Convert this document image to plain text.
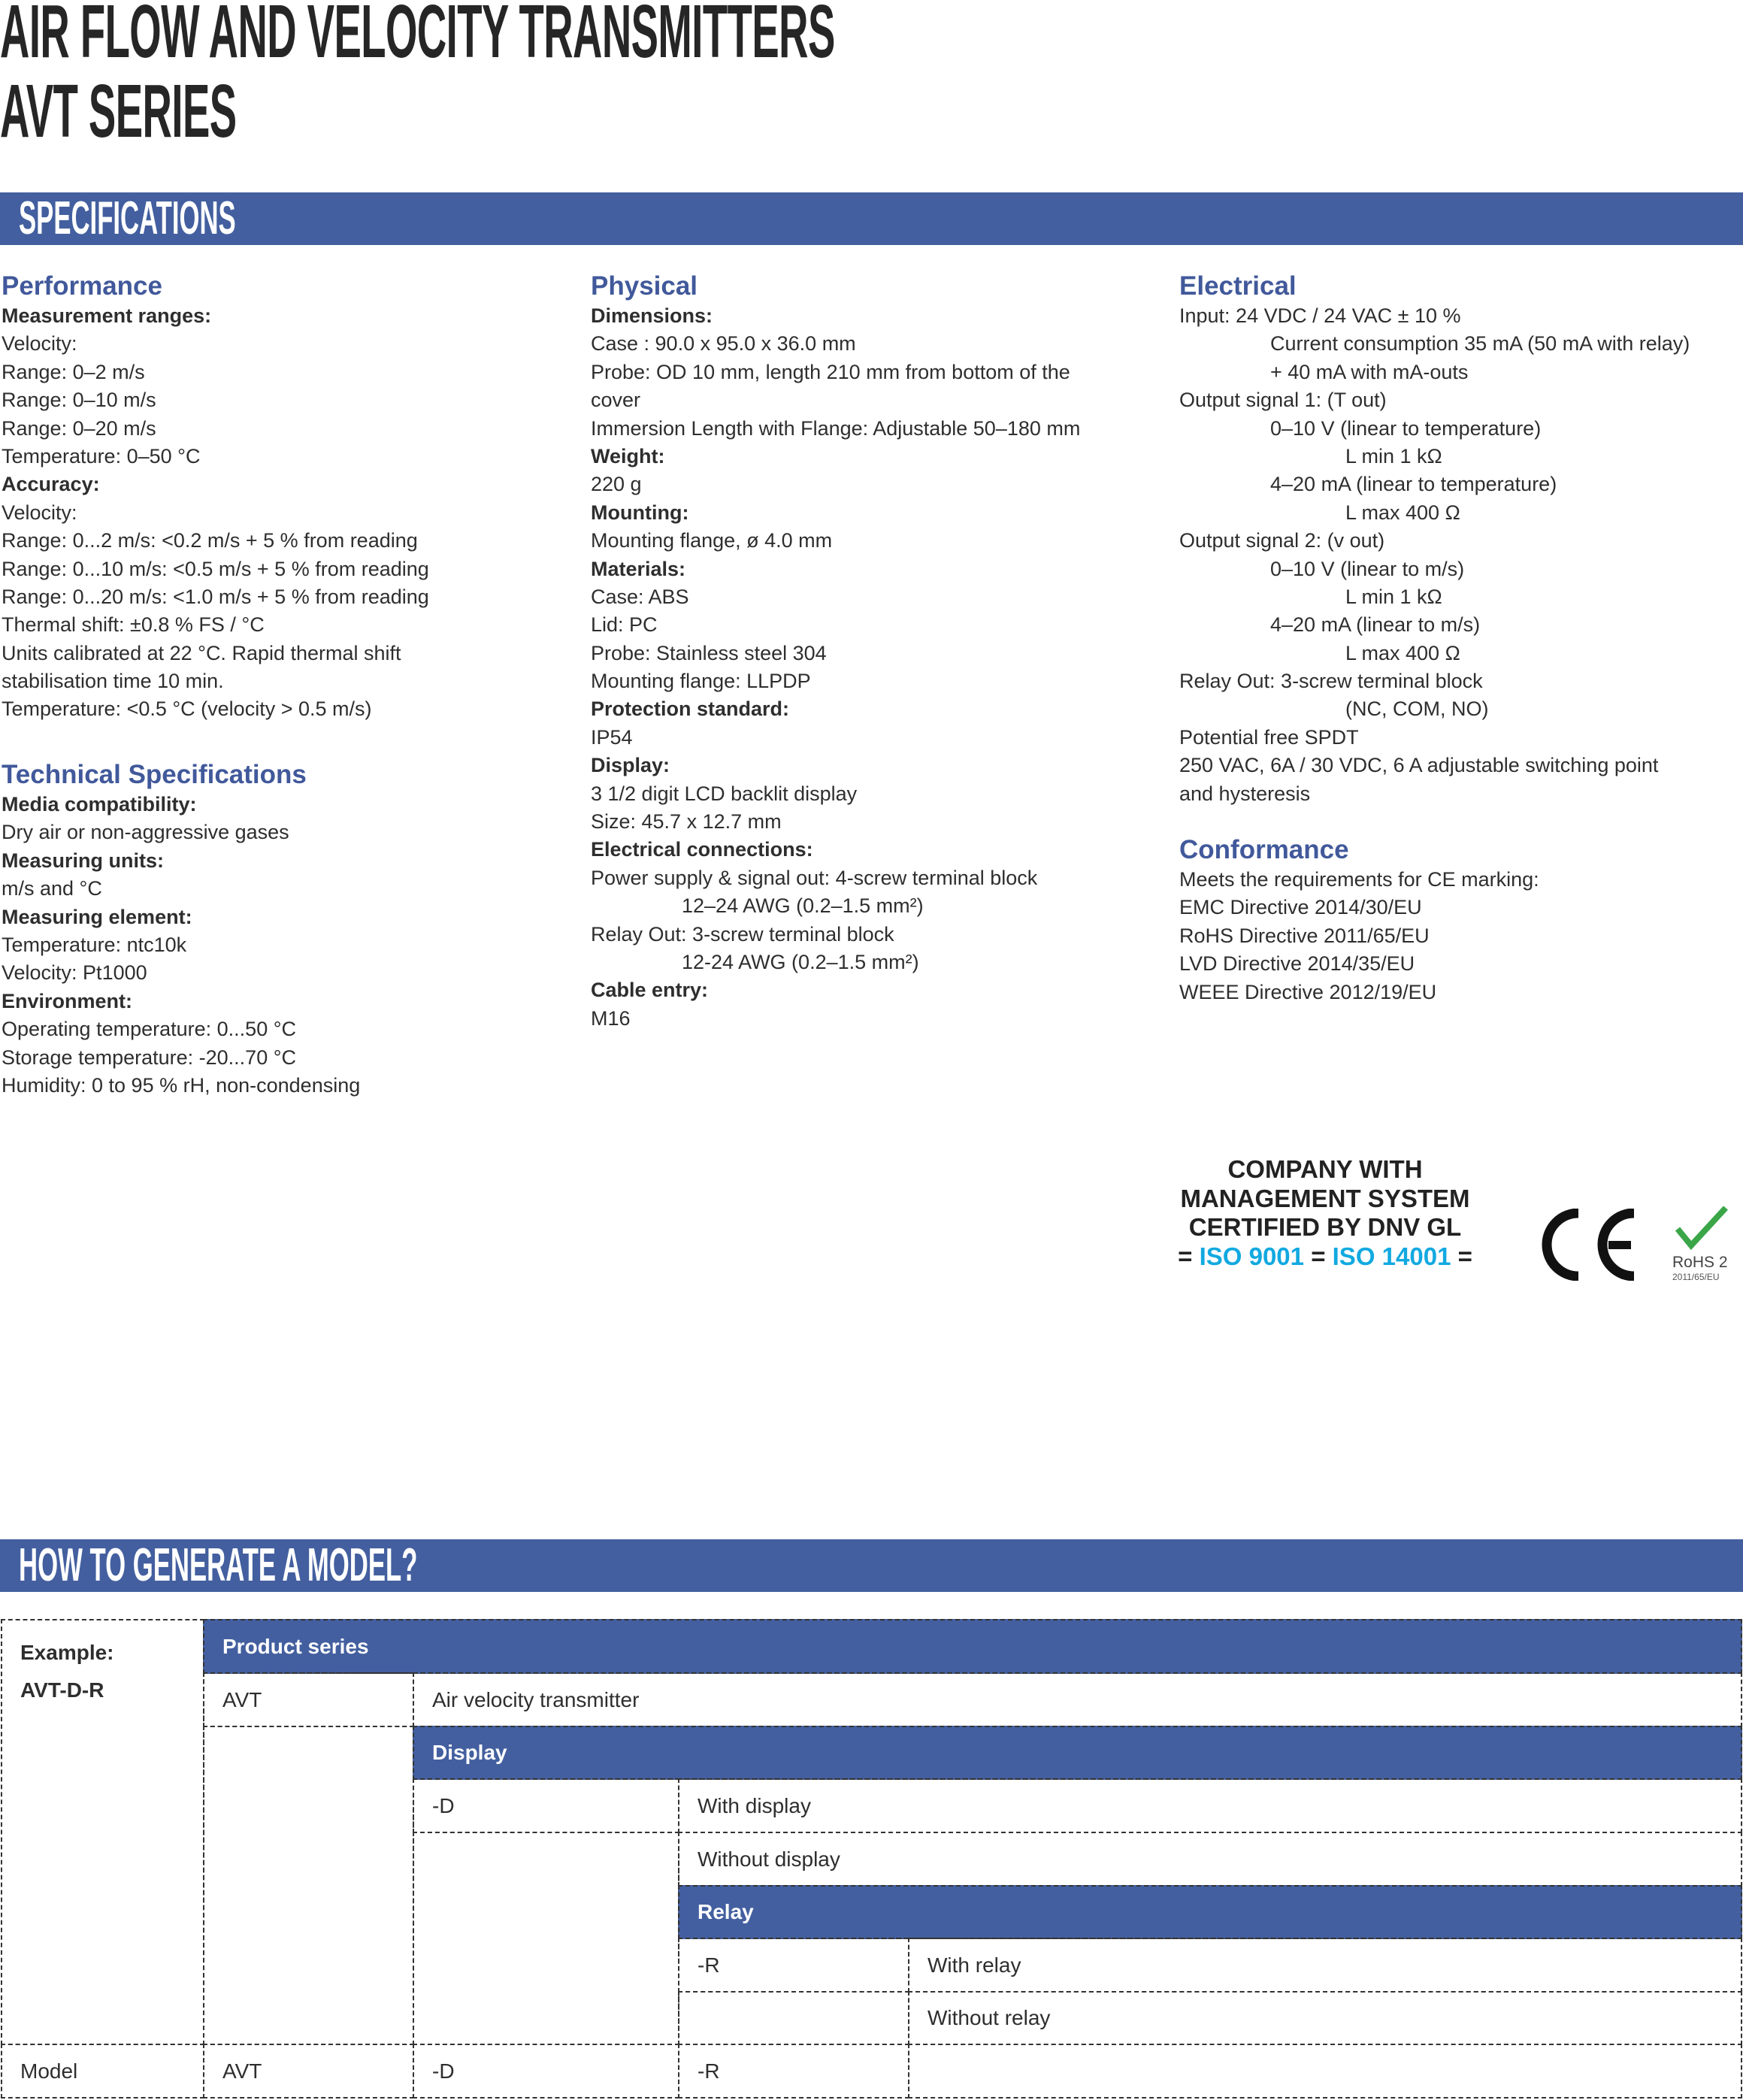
AIR FLOW AND VELOCITY TRANSMITTERS
AVT SERIES
SPECIFICATIONS
Performance
Measurement ranges:
Velocity:
Range: 0–2 m/s
Range: 0–10 m/s
Range: 0–20 m/s
Temperature: 0–50 °C
Accuracy:
Velocity:
Range: 0...2 m/s: <0.2 m/s + 5 % from reading
Range: 0...10 m/s: <0.5 m/s + 5 % from reading
Range: 0...20 m/s: <1.0 m/s + 5 % from reading
Thermal shift: ±0.8 % FS / °C
Units calibrated at 22 °C. Rapid thermal shift
stabilisation time 10 min.
Temperature: <0.5 °C (velocity > 0.5 m/s)
Technical Specifications
Media compatibility:
Dry air or non-aggressive gases
Measuring units:
m/s and °C
Measuring element:
Temperature: ntc10k
Velocity: Pt1000
Environment:
Operating temperature: 0...50 °C
Storage temperature: -20...70 °C
Humidity: 0 to 95 % rH, non-condensing
Physical
Dimensions:
Case : 90.0 x 95.0 x 36.0 mm
Probe: OD 10 mm, length 210 mm from bottom of the
cover
Immersion Length with Flange: Adjustable 50–180 mm
Weight:
220 g
Mounting:
Mounting flange, ø 4.0 mm
Materials:
Case: ABS
Lid: PC
Probe: Stainless steel 304
Mounting flange: LLPDP
Protection standard:
IP54
Display:
3 1/2 digit LCD backlit display
Size: 45.7 x 12.7 mm
Electrical connections:
Power supply & signal out: 4-screw terminal block
12–24 AWG (0.2–1.5 mm²)
Relay Out: 3-screw terminal block
12-24 AWG (0.2–1.5 mm²)
Cable entry:
M16
Electrical
Input: 24 VDC / 24 VAC ± 10 %
Current consumption 35 mA (50 mA with relay)
+ 40 mA with mA-outs
Output signal 1: (T out)
0–10 V (linear to temperature)
L min 1 kΩ
4–20 mA (linear to temperature)
L max 400 Ω
Output signal 2: (v out)
0–10 V (linear to m/s)
L min 1 kΩ
4–20 mA (linear to m/s)
L max 400 Ω
Relay Out: 3-screw terminal block
(NC, COM, NO)
Potential free SPDT
250 VAC, 6A / 30 VDC, 6 A adjustable switching point
and hysteresis
Conformance
Meets the requirements for CE marking:
EMC Directive 2014/30/EU
RoHS Directive 2011/65/EU
LVD Directive 2014/35/EU
WEEE Directive 2012/19/EU
COMPANY WITH
MANAGEMENT SYSTEM
CERTIFIED BY DNV GL
= ISO 9001 = ISO 14001 =	RoHS 2
2011/65/EU
HOW TO GENERATE A MODEL?
Example:
AVT-D-R
Product series
AVT	Air velocity transmitter
Display
-D	With display
Without display
Relay
-R	With relay
Without relay
Model	AVT	-D	-R
